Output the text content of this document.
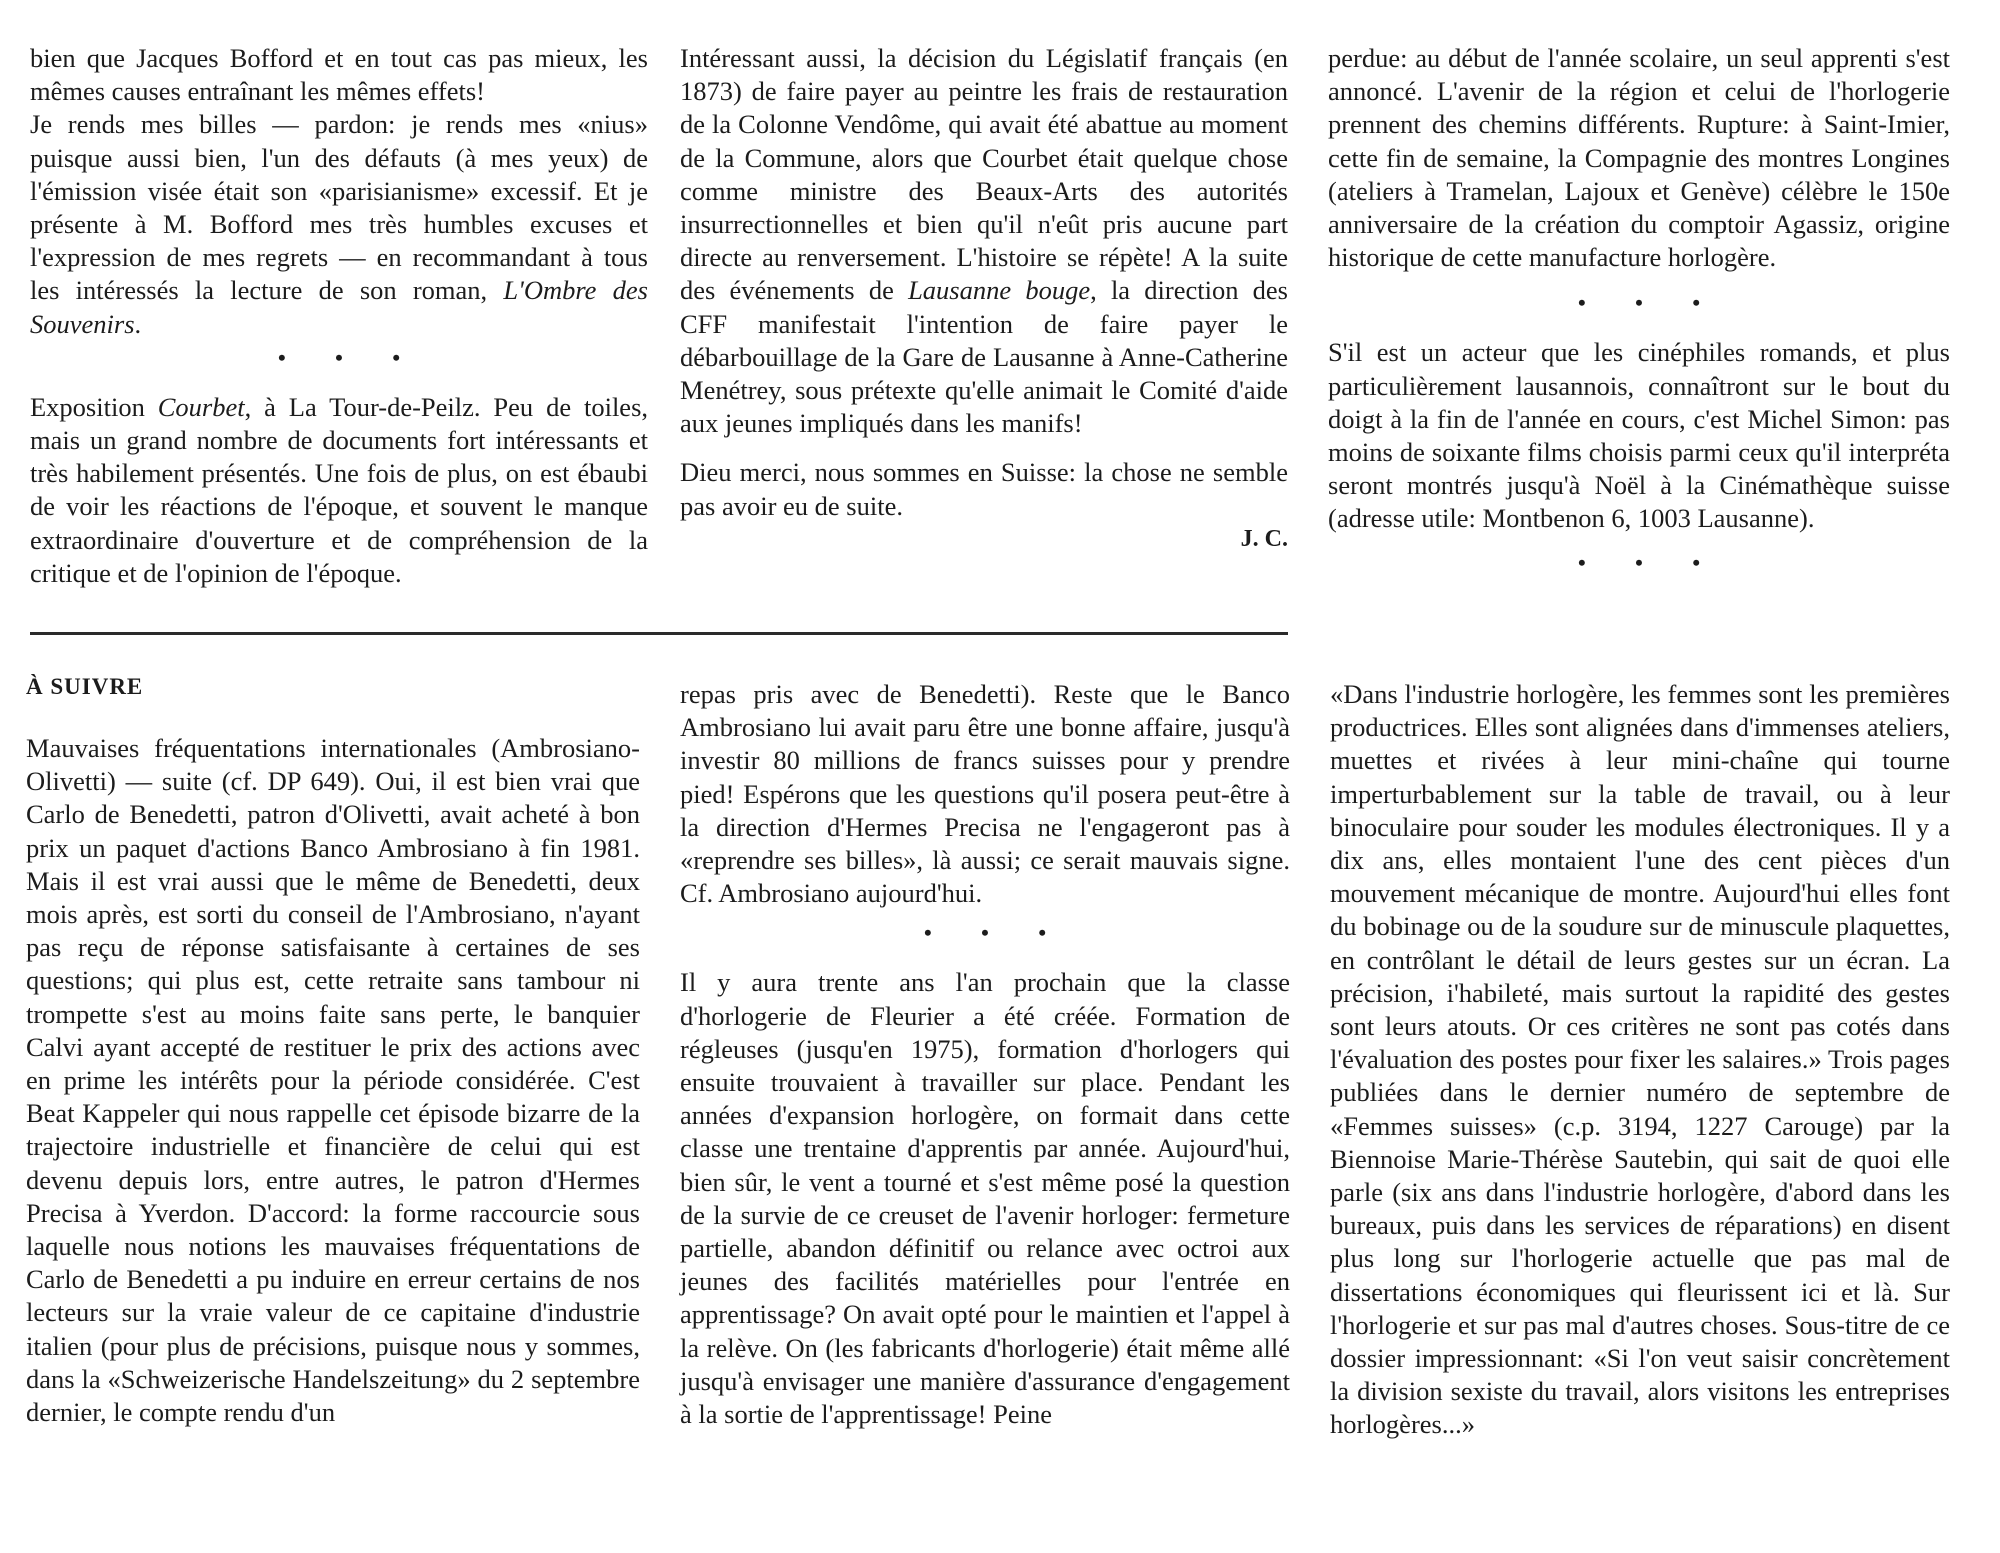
bien que Jacques Bofford et en tout cas pas mieux, les mêmes causes entraînant les mêmes effets!

Je rends mes billes — pardon: je rends mes «nius» puisque aussi bien, l'un des défauts (à mes yeux) de l'émission visée était son «parisianisme» excessif. Et je présente à M. Bofford mes très humbles excuses et l'expression de mes regrets — en recommandant à tous les intéressés la lecture de son roman, L'Ombre des Souvenirs.

• • •

Exposition Courbet, à La Tour-de-Peilz. Peu de toiles, mais un grand nombre de documents fort intéressants et très habilement présentés. Une fois de plus, on est ébaubi de voir les réactions de l'époque, et souvent le manque extraordinaire d'ouverture et de compréhension de la critique et de l'opinion de l'époque.

Intéressant aussi, la décision du Législatif français (en 1873) de faire payer au peintre les frais de restauration de la Colonne Vendôme, qui avait été abattue au moment de la Commune, alors que Courbet était quelque chose comme ministre des Beaux-Arts des autorités insurrectionnelles et bien qu'il n'eût pris aucune part directe au renversement. L'histoire se répète! A la suite des événements de Lausanne bouge, la direction des CFF manifestait l'intention de faire payer le débarbouillage de la Gare de Lausanne à Anne-Catherine Menétrey, sous prétexte qu'elle animait le Comité d'aide aux jeunes impliqués dans les manifs!

Dieu merci, nous sommes en Suisse: la chose ne semble pas avoir eu de suite.

J. C.

perdue: au début de l'année scolaire, un seul apprenti s'est annoncé. L'avenir de la région et celui de l'horlogerie prennent des chemins différents. Rupture: à Saint-Imier, cette fin de semaine, la Compagnie des montres Longines (ateliers à Tramelan, Lajoux et Genève) célèbre le 150e anniversaire de la création du comptoir Agassiz, origine historique de cette manufacture horlogère.

• • •

S'il est un acteur que les cinéphiles romands, et plus particulièrement lausannois, connaîtront sur le bout du doigt à la fin de l'année en cours, c'est Michel Simon: pas moins de soixante films choisis parmi ceux qu'il interpréta seront montrés jusqu'à Noël à la Cinémathèque suisse (adresse utile: Montbenon 6, 1003 Lausanne).

• • •
À SUIVRE

Mauvaises fréquentations internationales (Ambrosiano-Olivetti) — suite (cf. DP 649). Oui, il est bien vrai que Carlo de Benedetti, patron d'Olivetti, avait acheté à bon prix un paquet d'actions Banco Ambrosiano à fin 1981. Mais il est vrai aussi que le même de Benedetti, deux mois après, est sorti du conseil de l'Ambrosiano, n'ayant pas reçu de réponse satisfaisante à certaines de ses questions; qui plus est, cette retraite sans tambour ni trompette s'est au moins faite sans perte, le banquier Calvi ayant accepté de restituer le prix des actions avec en prime les intérêts pour la période considérée. C'est Beat Kappeler qui nous rappelle cet épisode bizarre de la trajectoire industrielle et financière de celui qui est devenu depuis lors, entre autres, le patron d'Hermes Precisa à Yverdon. D'accord: la forme raccourcie sous laquelle nous notions les mauvaises fréquentations de Carlo de Benedetti a pu induire en erreur certains de nos lecteurs sur la vraie valeur de ce capitaine d'industrie italien (pour plus de précisions, puisque nous y sommes, dans la «Schweizerische Handelszeitung» du 2 septembre dernier, le compte rendu d'un

repas pris avec de Benedetti). Reste que le Banco Ambrosiano lui avait paru être une bonne affaire, jusqu'à investir 80 millions de francs suisses pour y prendre pied! Espérons que les questions qu'il posera peut-être à la direction d'Hermes Precisa ne l'engageront pas à «reprendre ses billes», là aussi; ce serait mauvais signe. Cf. Ambrosiano aujourd'hui.

• • •

Il y aura trente ans l'an prochain que la classe d'horlogerie de Fleurier a été créée. Formation de régleuses (jusqu'en 1975), formation d'horlogers qui ensuite trouvaient à travailler sur place. Pendant les années d'expansion horlogère, on formait dans cette classe une trentaine d'apprentis par année. Aujourd'hui, bien sûr, le vent a tourné et s'est même posé la question de la survie de ce creuset de l'avenir horloger: fermeture partielle, abandon définitif ou relance avec octroi aux jeunes des facilités matérielles pour l'entrée en apprentissage? On avait opté pour le maintien et l'appel à la relève. On (les fabricants d'horlogerie) était même allé jusqu'à envisager une manière d'assurance d'engagement à la sortie de l'apprentissage! Peine

«Dans l'industrie horlogère, les femmes sont les premières productrices. Elles sont alignées dans d'immenses ateliers, muettes et rivées à leur mini-chaîne qui tourne imperturbablement sur la table de travail, ou à leur binoculaire pour souder les modules électroniques. Il y a dix ans, elles montaient l'une des cent pièces d'un mouvement mécanique de montre. Aujourd'hui elles font du bobinage ou de la soudure sur de minuscule plaquettes, en contrôlant le détail de leurs gestes sur un écran. La précision, i'habileté, mais surtout la rapidité des gestes sont leurs atouts. Or ces critères ne sont pas cotés dans l'évaluation des postes pour fixer les salaires.» Trois pages publiées dans le dernier numéro de septembre de «Femmes suisses» (c.p. 3194, 1227 Carouge) par la Biennoise Marie-Thérèse Sautebin, qui sait de quoi elle parle (six ans dans l'industrie horlogère, d'abord dans les bureaux, puis dans les services de réparations) en disent plus long sur l'horlogerie actuelle que pas mal de dissertations économiques qui fleurissent ici et là. Sur l'horlogerie et sur pas mal d'autres choses. Sous-titre de ce dossier impressionnant: «Si l'on veut saisir concrètement la division sexiste du travail, alors visitons les entreprises horlogères...»
